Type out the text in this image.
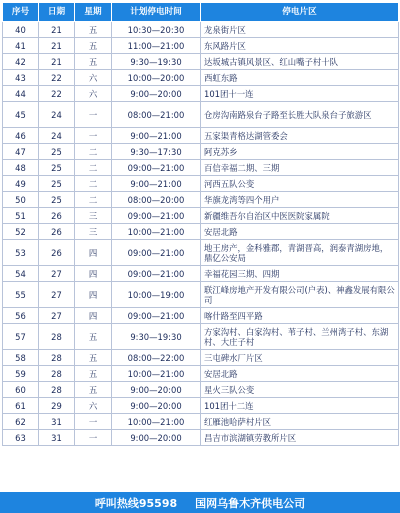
序号	日期	星期	计划停电时间	停电片区
40	21	五	10:30—20:30	龙泉街片区
41	21	五	11:00—21:00	东风路片区
42	21	五	9:30—19:30	达坂城古镇风景区、红山嘴子村十队
43	22	六	10:00—20:00	西虹东路
44	22	六	9:00—20:00	101团十一连
45	24	一	08:00—21:00	仓房沟南路泉台子路至长胜大队泉台子旅游区
46	24	一	9:00—21:00	五家渠青格达湖管委会
47	25	二	9:30—17:30	阿克苏乡
48	25	二	09:00—21:00	百信幸福二期、三期
49	25	二	9:00—21:00	河西五队公变
50	25	二	08:00—20:00	华旗龙湾等四个用户
51	26	三	09:00—21:00	新疆维吾尔自治区中医医院家属院
52	26	三	10:00—21:00	安居北路
53	26	四	09:00—21:00	地王房产，金科雅郡，青湖晋高，润泰青湖房地，鼎亿公安局
54	27	四	09:00—21:00	幸福花园三期、四期
55	27	四	10:00—19:00	联江峰房地产开发有限公司(户表)、神鑫发展有限公司
56	27	四	09:00—21:00	喀什路至四平路
57	28	五	9:30—19:30	方家沟村、白家沟村、苇子村、兰州湾子村、东湖村、大庄子村
58	28	五	08:00—22:00	三屯碑水厂片区
59	28	五	10:00—21:00	安居北路
60	28	五	9:00—20:00	星火三队公变
61	29	六	9:00—20:00	101团十二连
62	31	一	10:00—21:00	红雁池哈萨村片区
63	31	一	9:00—20:00	昌吉市滨湖镇劳教所片区
呼叫热线95598 国网乌鲁木齐供电公司
